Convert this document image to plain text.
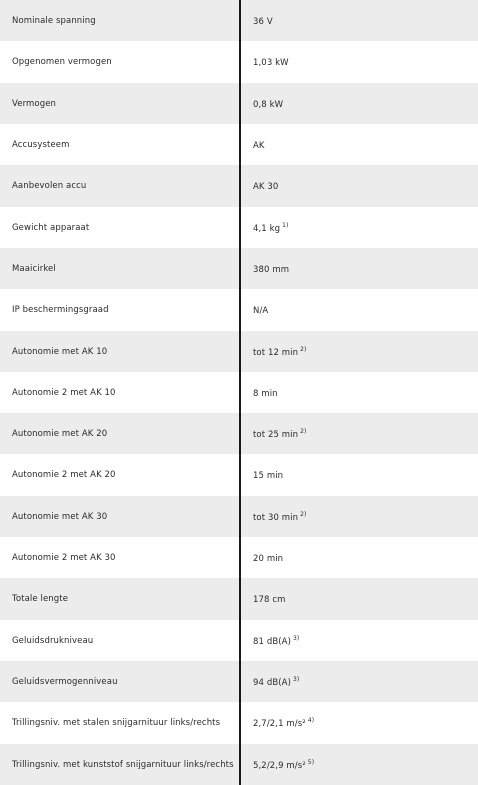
Nominale spanning	36 V
Opgenomen vermogen	1,03 kW
Vermogen	0,8 kW
Accusysteem	AK
Aanbevolen accu	AK 30
Gewicht apparaat	4,1 kg $^{1)}$
Maaicirkel	380 mm
IP beschermingsgraad	N/A
Autonomie met AK 10	tot 12 min $^{2)}$
Autonomie 2 met AK 10	8 min
Autonomie met AK 20	tot 25 min $^{2)}$
Autonomie 2 met AK 20	15 min
Autonomie met AK 30	tot 30 min $^{2)}$
Autonomie 2 met AK 30	20 min
Totale lengte	178 cm
Geluidsdrukniveau	81 dB(A) $^{3)}$
Geluidsvermogenniveau	94 dB(A) $^{3)}$
Trillingsniv. met stalen snijgarnituur links/rechts	2,7/2,1 m/s² $^{4)}$
Trillingsniv. met kunststof snijgarnituur links/rechts	5,2/2,9 m/s² $^{5)}$
